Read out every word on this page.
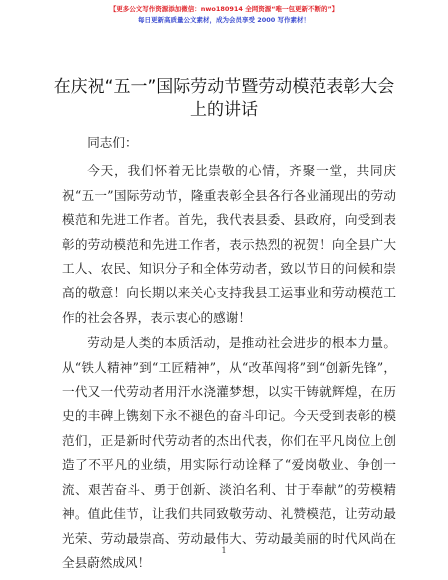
【更多公文写作资源添加微信：nwo180914 全网资源“唯一包更新不断的”】
每日更新高质量公文素材，成为会员享受 2000 写作素材！
在庆祝“五一”国际劳动节暨劳动模范表彰大会上的讲话

同志们：

今天，我们怀着无比崇敬的心情，齐聚一堂，共同庆祝“五一”国际劳动节，隆重表彰全县各行各业涌现出的劳动模范和先进工作者。首先，我代表县委、县政府，向受到表彰的劳动模范和先进工作者，表示热烈的祝贺！向全县广大工人、农民、知识分子和全体劳动者，致以节日的问候和崇高的敬意！向长期以来关心支持我县工运事业和劳动模范工作的社会各界，表示衷心的感谢！

劳动是人类的本质活动，是推动社会进步的根本力量。从“铁人精神”到“工匠精神”，从“改革闯将”到“创新先锋”，一代又一代劳动者用汗水浇灌梦想，以实干铸就辉煌，在历史的丰碑上镌刻下永不褪色的奋斗印记。今天受到表彰的模范们，正是新时代劳动者的杰出代表，你们在平凡岗位上创造了不平凡的业绩，用实际行动诠释了“爱岗敬业、争创一流、艰苦奋斗、勇于创新、淡泊名利、甘于奉献”的劳模精神。值此佳节，让我们共同致敬劳动、礼赞模范，让劳动最光荣、劳动最崇高、劳动最伟大、劳动最美丽的时代风尚在全县蔚然成风！

1
